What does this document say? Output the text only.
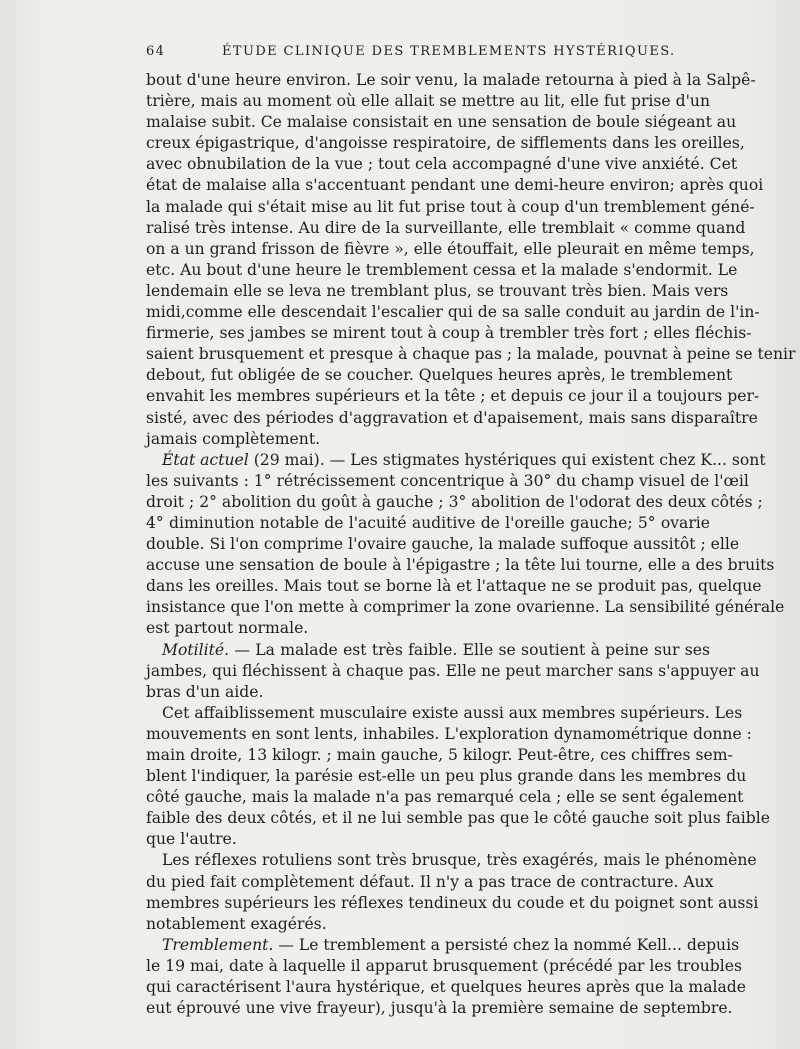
64	ÉTUDE CLINIQUE DES TREMBLEMENTS HYSTÉRIQUES.
bout d'une heure environ. Le soir venu, la malade retourna à pied à la Salpê-
trière, mais au moment où elle allait se mettre au lit, elle fut prise d'un
malaise subit. Ce malaise consistait en une sensation de boule siégeant au
creux épigastrique, d'angoisse respiratoire, de sifflements dans les oreilles,
avec obnubilation de la vue ; tout cela accompagné d'une vive anxiété. Cet
état de malaise alla s'accentuant pendant une demi-heure environ; après quoi
la malade qui s'était mise au lit fut prise tout à coup d'un tremblement géné-
ralisé très intense. Au dire de la surveillante, elle tremblait « comme quand
on a un grand frisson de fièvre », elle étouffait, elle pleurait en même temps,
etc. Au bout d'une heure le tremblement cessa et la malade s'endormit. Le
lendemain elle se leva ne tremblant plus, se trouvant très bien. Mais vers
midi,comme elle descendait l'escalier qui de sa salle conduit au jardin de l'in-
firmerie, ses jambes se mirent tout à coup à trembler très fort ; elles fléchis-
saient brusquement et presque à chaque pas ; la malade, pouvnat à peine se tenir
debout, fut obligée de se coucher. Quelques heures après, le tremblement
envahit les membres supérieurs et la tête ; et depuis ce jour il a toujours per-
sisté, avec des périodes d'aggravation et d'apaisement, mais sans disparaître
jamais complètement.
État actuel (29 mai). — Les stigmates hystériques qui existent chez K... sont
les suivants : 1° rétrécissement concentrique à 30° du champ visuel de l'œil
droit ; 2° abolition du goût à gauche ; 3° abolition de l'odorat des deux côtés ;
4° diminution notable de l'acuité auditive de l'oreille gauche; 5° ovarie
double. Si l'on comprime l'ovaire gauche, la malade suffoque aussitôt ; elle
accuse une sensation de boule à l'épigastre ; la tête lui tourne, elle a des bruits
dans les oreilles. Mais tout se borne là et l'attaque ne se produit pas, quelque
insistance que l'on mette à comprimer la zone ovarienne. La sensibilité générale
est partout normale.
Motilité. — La malade est très faible. Elle se soutient à peine sur ses
jambes, qui fléchissent à chaque pas. Elle ne peut marcher sans s'appuyer au
bras d'un aide.
Cet affaiblissement musculaire existe aussi aux membres supérieurs. Les
mouvements en sont lents, inhabiles. L'exploration dynamométrique donne :
main droite, 13 kilogr. ; main gauche, 5 kilogr. Peut-être, ces chiffres sem-
blent l'indiquer, la parésie est-elle un peu plus grande dans les membres du
côté gauche, mais la malade n'a pas remarqué cela ; elle se sent également
faible des deux côtés, et il ne lui semble pas que le côté gauche soit plus faible
que l'autre.
Les réflexes rotuliens sont très brusque, très exagérés, mais le phénomène
du pied fait complètement défaut. Il n'y a pas trace de contracture. Aux
membres supérieurs les réflexes tendineux du coude et du poignet sont aussi
notablement exagérés.
Tremblement. — Le tremblement a persisté chez la nommé Kell... depuis
le 19 mai, date à laquelle il apparut brusquement (précédé par les troubles
qui caractérisent l'aura hystérique, et quelques heures après que la malade
eut éprouvé une vive frayeur), jusqu'à la première semaine de septembre.
